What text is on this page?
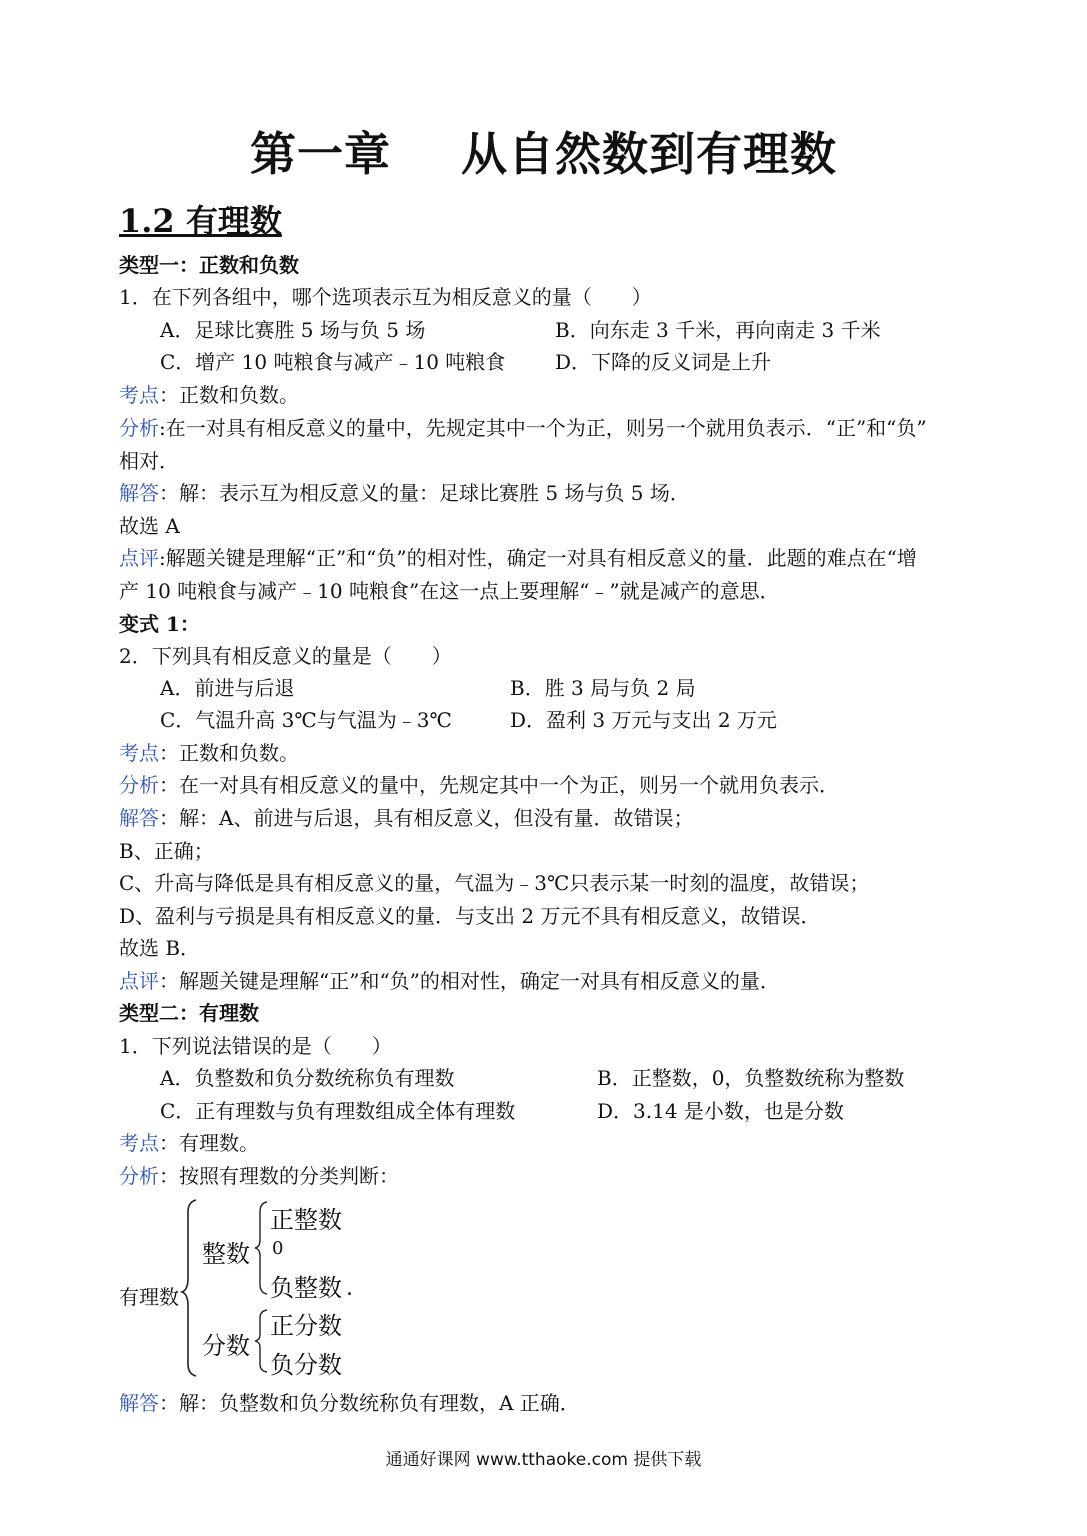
第一章 从自然数到有理数
1.2 有理数
类型一：正数和负数
1．在下列各组中，哪个选项表示互为相反意义的量（　　）
A．足球比赛胜 5 场与负 5 场	B．向东走 3 千米，再向南走 3 千米
C．增产 10 吨粮食与减产﹣10 吨粮食 D．下降的反义词是上升
考点：正数和负数。
分析:在一对具有相反意义的量中，先规定其中一个为正，则另一个就用负表示．“正”和“负”
相对．
解答：解：表示互为相反意义的量：足球比赛胜 5 场与负 5 场．
故选 A
点评:解题关键是理解“正”和“负”的相对性，确定一对具有相反意义的量．此题的难点在“增
产 10 吨粮食与减产﹣10 吨粮食”在这一点上要理解“﹣”就是减产的意思．
变式 1：
2．下列具有相反意义的量是（　　）
A．前进与后退	B．胜 3 局与负 2 局
C．气温升高 3℃与气温为﹣3℃	D．盈利 3 万元与支出 2 万元
考点：正数和负数。
分析：在一对具有相反意义的量中，先规定其中一个为正，则另一个就用负表示．
解答：解：A、前进与后退，具有相反意义，但没有量．故错误；
B、正确；
C、升高与降低是具有相反意义的量，气温为﹣3℃只表示某一时刻的温度，故错误；
D、盈利与亏损是具有相反意义的量．与支出 2 万元不具有相反意义，故错误．
故选 B．
点评：解题关键是理解“正”和“负”的相对性，确定一对具有相反意义的量．
类型二：有理数
1．下列说法错误的是（　　）
A．负整数和负分数统称负有理数	B．正整数，0，负整数统称为整数
C．正有理数与负有理数组成全体有理数	D．3.14 是小数，也是分数
考点：有理数。
分析：按照有理数的分类判断：
有理数
整数
正整数
0
负整数 .
分数
正分数
负分数
解答：解：负整数和负分数统称负有理数，A 正确．
通通好课网 www.tthaoke.com 提供下载
